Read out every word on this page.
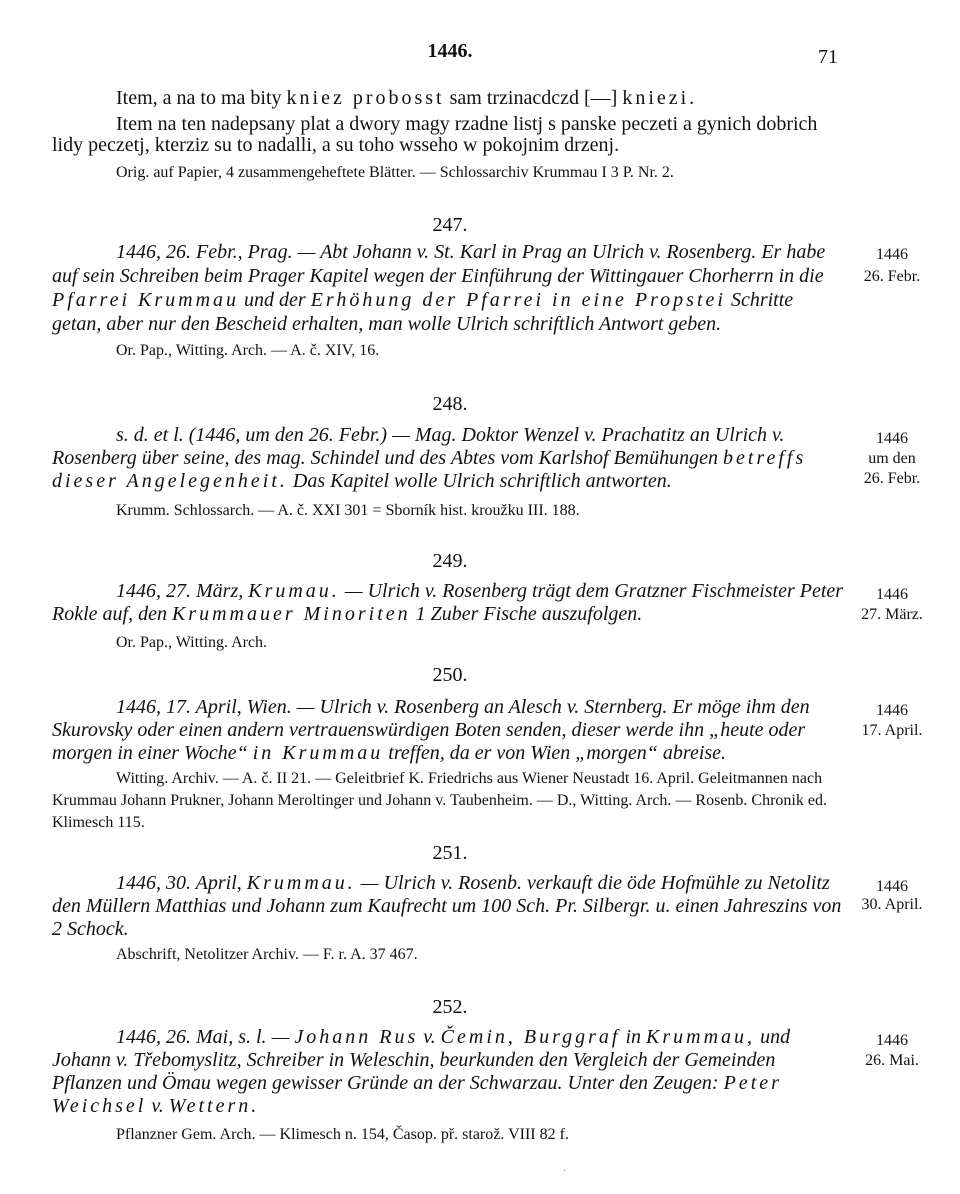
1446.	71
Item, a na to ma bity kniez probosst sam trzinacdczd [—] kniezi.
Item na ten nadepsany plat a dwory magy rzadne listj s panske peczeti a gynich dobrich lidy peczetj, kterziz su to nadalli, a su toho wsseho w pokojnim drzenj.
Orig. auf Papier, 4 zusammengeheftete Blätter. — Schlossarchiv Krummau I 3 P. Nr. 2.
247.
1446, 26. Febr., Prag. — Abt Johann v. St. Karl in Prag an Ulrich v. Rosenberg. Er habe auf sein Schreiben beim Prager Kapitel wegen der Einführung der Wittingauer Chorherrn in die Pfarrei Krummau und der Erhöhung der Pfarrei in eine Propstei Schritte getan, aber nur den Bescheid erhalten, man wolle Ulrich schriftlich Antwort geben.
1446
26. Febr.
Or. Pap., Witting. Arch. — A. č. XIV, 16.
248.
s. d. et l. (1446, um den 26. Febr.) — Mag. Doktor Wenzel v. Prachatitz an Ulrich v. Rosenberg über seine, des mag. Schindel und des Abtes vom Karlshof Bemühungen betreffs dieser Angelegenheit. Das Kapitel wolle Ulrich schriftlich antworten.
1446
um den
26. Febr.
Krumm. Schlossarch. — A. č. XXI 301 = Sborník hist. kroužku III. 188.
249.
1446, 27. März, Krumau. — Ulrich v. Rosenberg trägt dem Gratzner Fischmeister Peter Rokle auf, den Krummauer Minoriten 1 Zuber Fische auszufolgen.
1446
27. März.
Or. Pap., Witting. Arch.
250.
1446, 17. April, Wien. — Ulrich v. Rosenberg an Alesch v. Sternberg. Er möge ihm den Skurovsky oder einen andern vertrauenswürdigen Boten senden, dieser werde ihn „heute oder morgen in einer Woche“ in Krummau treffen, da er von Wien „morgen“ abreise.
1446
17. April.
Witting. Archiv. — A. č. II 21. — Geleitbrief K. Friedrichs aus Wiener Neustadt 16. April. Geleitmannen nach Krummau Johann Prukner, Johann Meroltinger und Johann v. Taubenheim. — D., Witting. Arch. — Rosenb. Chronik ed. Klimesch 115.
251.
1446, 30. April, Krummau. — Ulrich v. Rosenb. verkauft die öde Hofmühle zu Netolitz den Müllern Matthias und Johann zum Kaufrecht um 100 Sch. Pr. Silbergr. u. einen Jahreszins von 2 Schock.
1446
30. April.
Abschrift, Netolitzer Archiv. — F. r. A. 37 467.
252.
1446, 26. Mai, s. l. — Johann Rus v. Čemin, Burggraf in Krummau, und Johann v. Třebomyslitz, Schreiber in Weleschin, beurkunden den Vergleich der Gemeinden Pflanzen und Ömau wegen gewisser Gründe an der Schwarzau. Unter den Zeugen: Peter Weichsel v. Wettern.
1446
26. Mai.
Pflanzner Gem. Arch. — Klimesch n. 154, Časop. př. starož. VIII 82 f.
·
